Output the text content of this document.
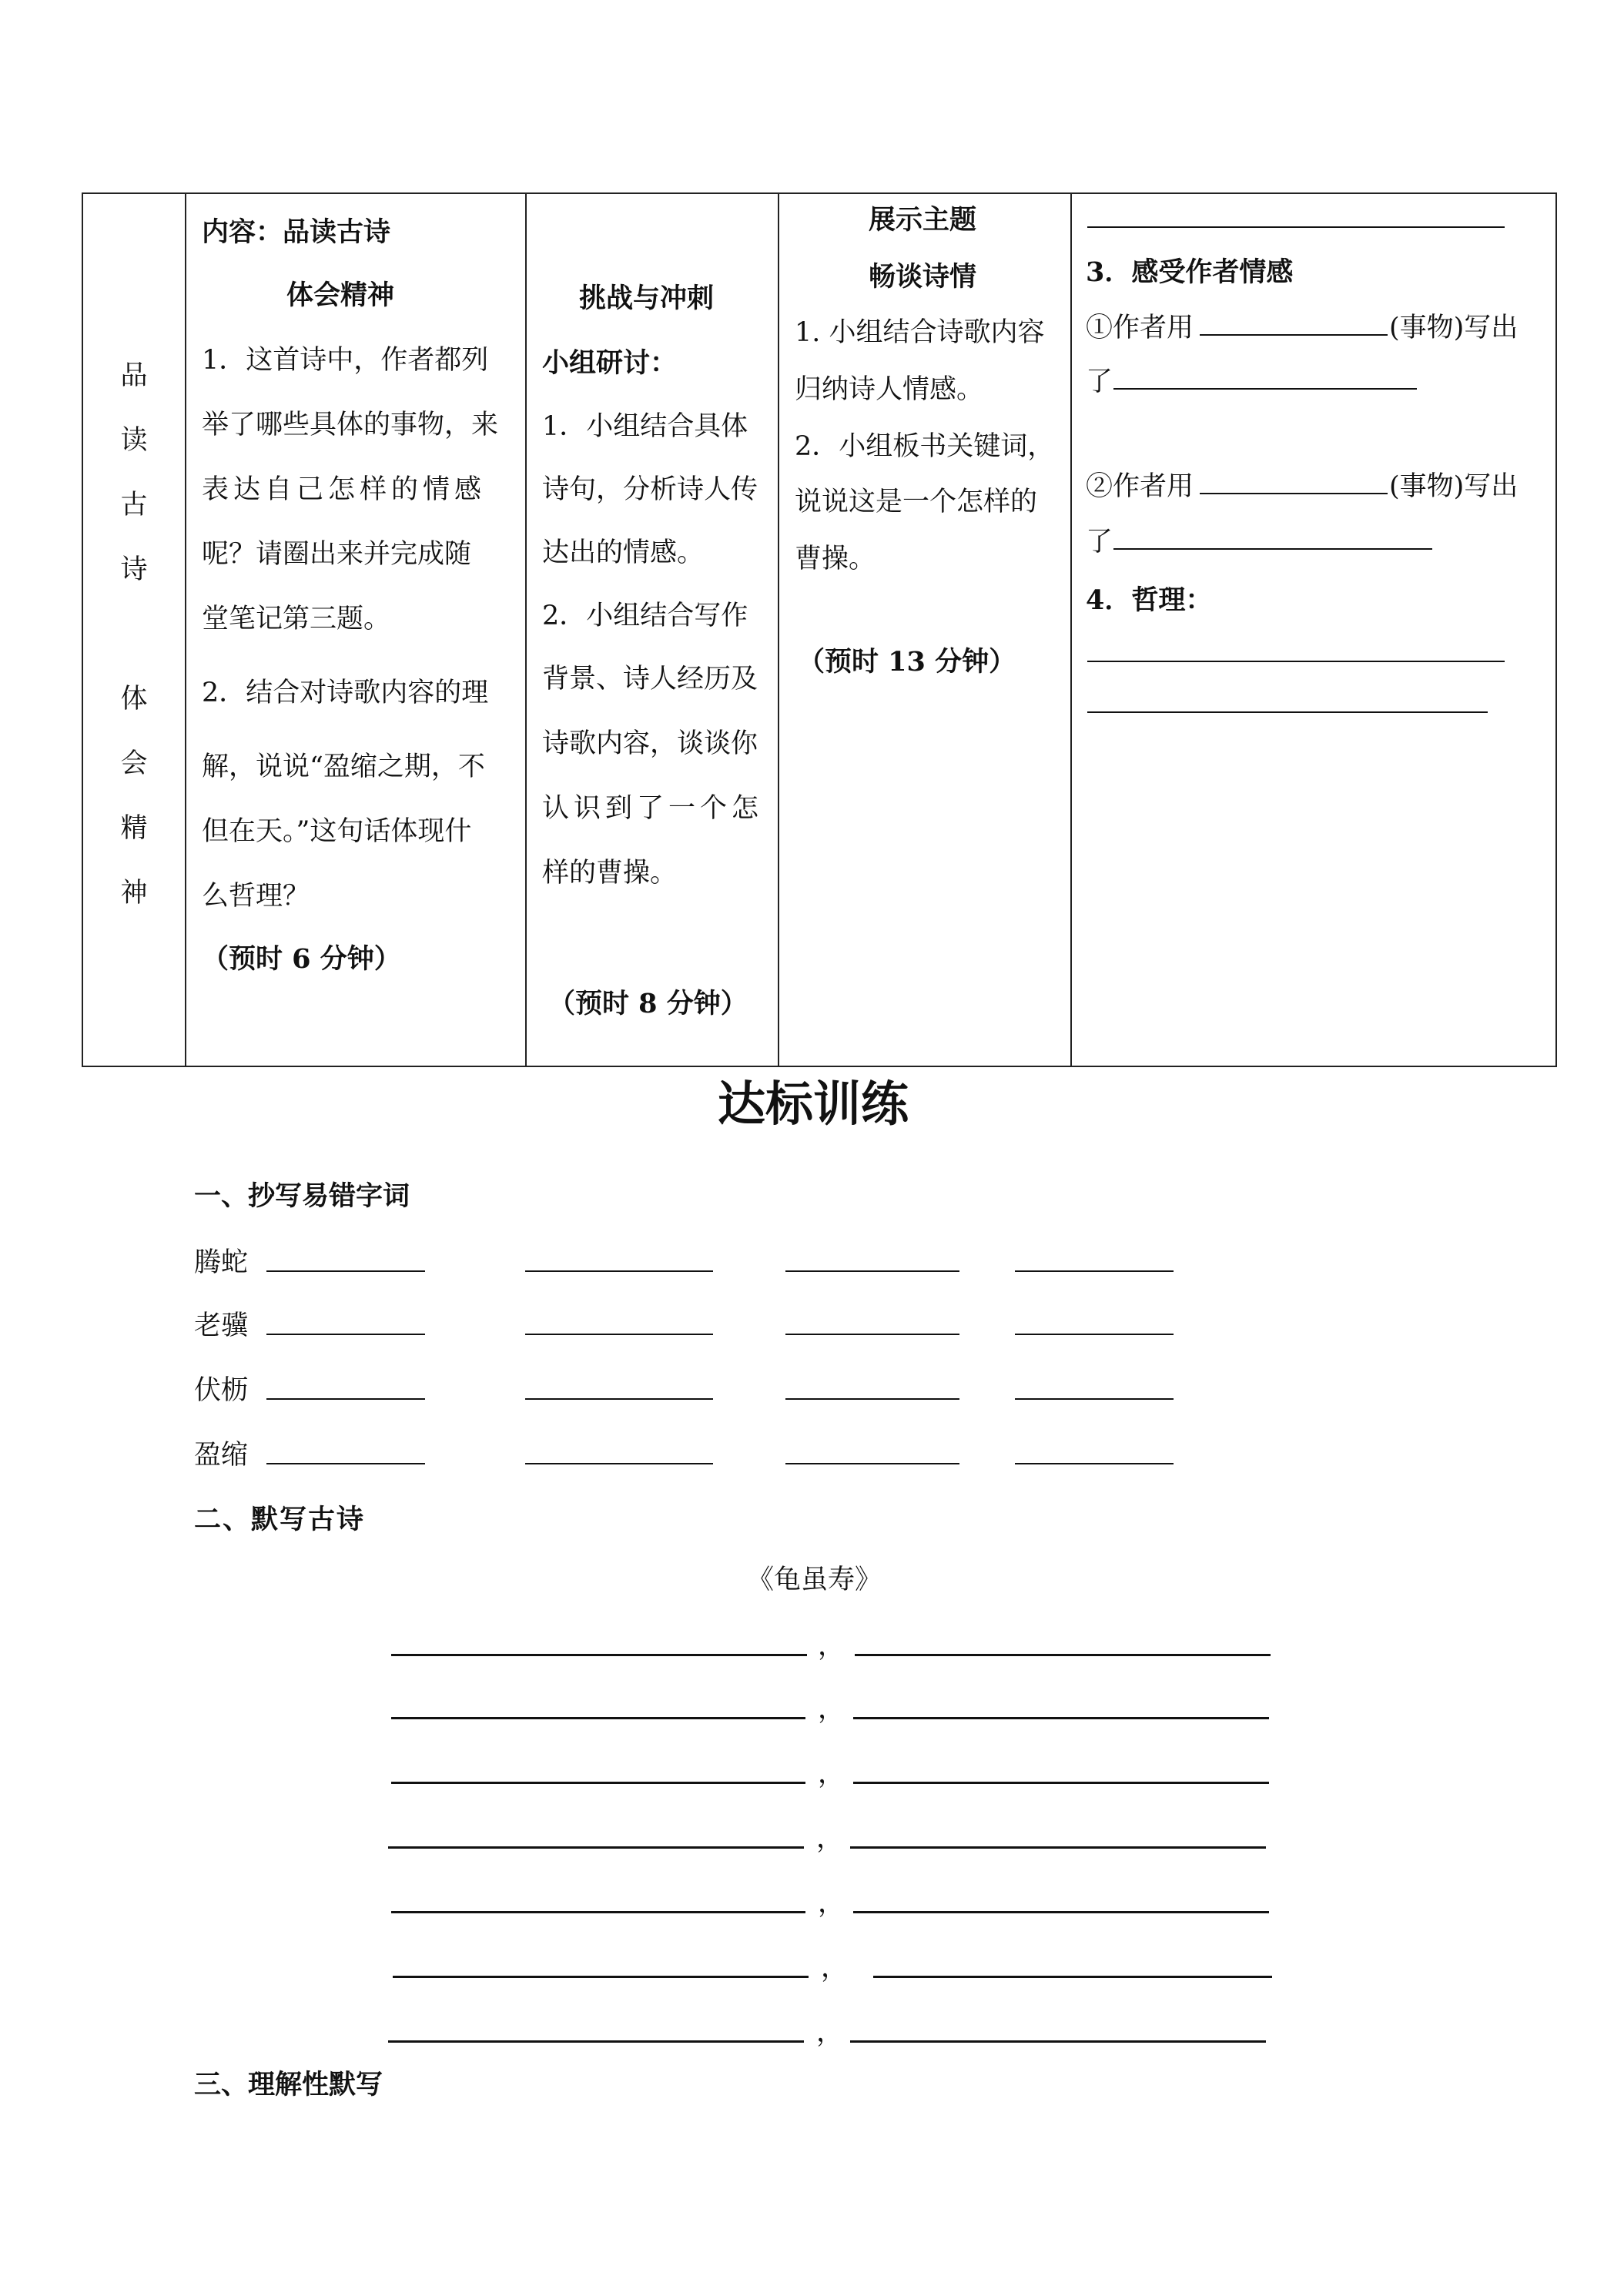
品
读
古
诗
体
会
精
神
内容：品读古诗
体会精神
1．这首诗中，作者都列
举了哪些具体的事物，来
表达自己怎样的情感
呢？请圈出来并完成随
堂笔记第三题。
2．结合对诗歌内容的理
解，说说“盈缩之期，不
但在天。”这句话体现什
么哲理？
（预时 6 分钟）
挑战与冲刺
小组研讨：
1．小组结合具体
诗句，分析诗人传
达出的情感。
2．小组结合写作
背景、诗人经历及
诗歌内容，谈谈你
认识到了一个怎
样的曹操。
（预时 8 分钟）
展示主题
畅谈诗情
1. 小组结合诗歌内容
归纳诗人情感。
2．小组板书关键词，
说说这是一个怎样的
曹操。
（预时 13 分钟）
3．感受作者情感
①作者用	(事物)写出
了
②作者用	(事物)写出
了
4．哲理：
达标训练
一、抄写易错字词
腾蛇
老骥
伏枥
盈缩
二、默写古诗
《龟虽寿》
，
，
，
，
，
，
，
三、理解性默写
